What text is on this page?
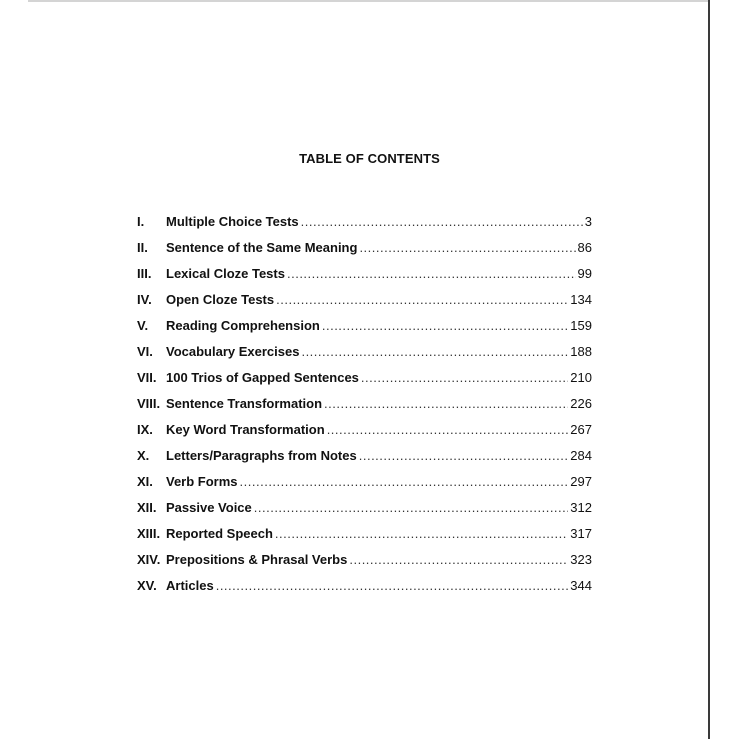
TABLE OF CONTENTS
I.	Multiple Choice Tests .....	3
II.	Sentence of the Same Meaning .....	86
III.	Lexical Cloze Tests .....	99
IV.	Open Cloze Tests .....	134
V.	Reading Comprehension .....	159
VI.	Vocabulary Exercises .....	188
VII. 100 Trios of Gapped Sentences .....	210
VIII. Sentence Transformation .....	226
IX.	Key Word Transformation .....	267
X.	Letters/Paragraphs from Notes .....	284
XI.	Verb Forms .....	297
XII. Passive Voice .....	312
XIII. Reported Speech .....	317
XIV. Prepositions & Phrasal Verbs .....	323
XV. Articles .....	344
